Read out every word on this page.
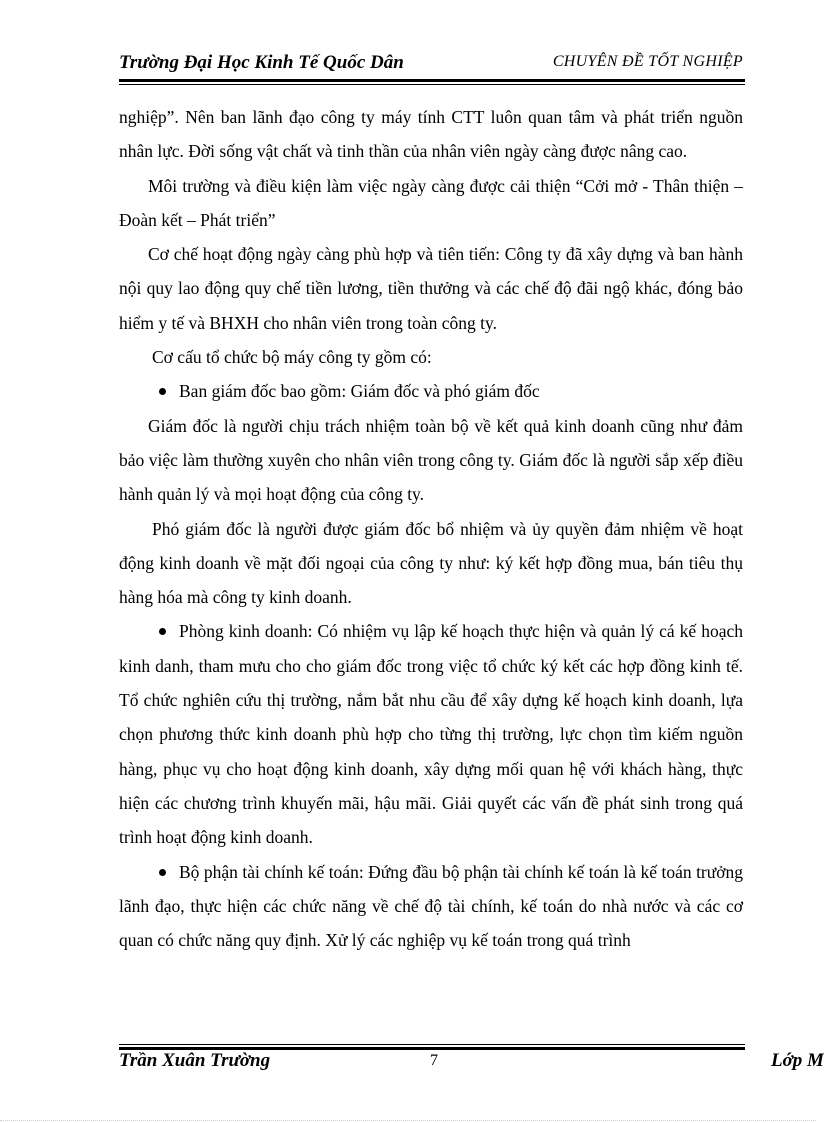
Trường Đại Học Kinh Tế Quốc Dân	CHUYÊN ĐỀ TỐT NGHIỆP

nghiệp”. Nên ban lãnh đạo công ty máy tính CTT luôn quan tâm và phát triển nguồn nhân lực. Đời sống vật chất và tinh thần của nhân viên ngày càng được nâng cao.

Môi trường và điều kiện làm việc ngày càng được cải thiện “Cởi mở - Thân thiện – Đoàn kết – Phát triển”

Cơ chế hoạt động ngày càng phù hợp và tiên tiến: Công ty đã xây dựng và ban hành nội quy lao động quy chế tiền lương, tiền thưởng và các chế độ đãi ngộ khác, đóng bảo hiểm y tế và BHXH cho nhân viên trong toàn công ty.

Cơ cấu tổ chức bộ máy công ty gồm có:

Ban giám đốc bao gồm: Giám đốc và phó giám đốc

Giám đốc là người chịu trách nhiệm toàn bộ về kết quả kinh doanh cũng như đảm bảo việc làm thường xuyên cho nhân viên trong công ty. Giám đốc là người sắp xếp điều hành quản lý và mọi hoạt động của công ty.

Phó giám đốc là người được giám đốc bổ nhiệm và ủy quyền đảm nhiệm về hoạt động kinh doanh về mặt đối ngoại của công ty như: ký kết hợp đồng mua, bán tiêu thụ hàng hóa mà công ty kinh doanh.

Phòng kinh doanh: Có nhiệm vụ lập kế hoạch thực hiện và quản lý cá kế hoạch kinh danh, tham mưu cho cho giám đốc trong việc tổ chức ký kết các hợp đồng kinh tế. Tổ chức nghiên cứu thị trường, nắm bắt nhu cầu để xây dựng kế hoạch kinh doanh, lựa chọn phương thức kinh doanh phù hợp cho từng thị trường, lực chọn tìm kiếm nguồn hàng, phục vụ cho hoạt động kinh doanh, xây dựng mối quan hệ với khách hàng, thực hiện các chương trình khuyến mãi, hậu mãi. Giải quyết các vấn đề phát sinh trong quá trình hoạt động kinh doanh.

Bộ phận tài chính kế toán: Đứng đầu bộ phận tài chính kế toán là kế toán trưởng lãnh đạo, thực hiện các chức năng về chế độ tài chính, kế toán do nhà nước và các cơ quan có chức năng quy định. Xử lý các nghiệp vụ kế toán trong quá trình

Trần Xuân Trường	7	Lớp M
